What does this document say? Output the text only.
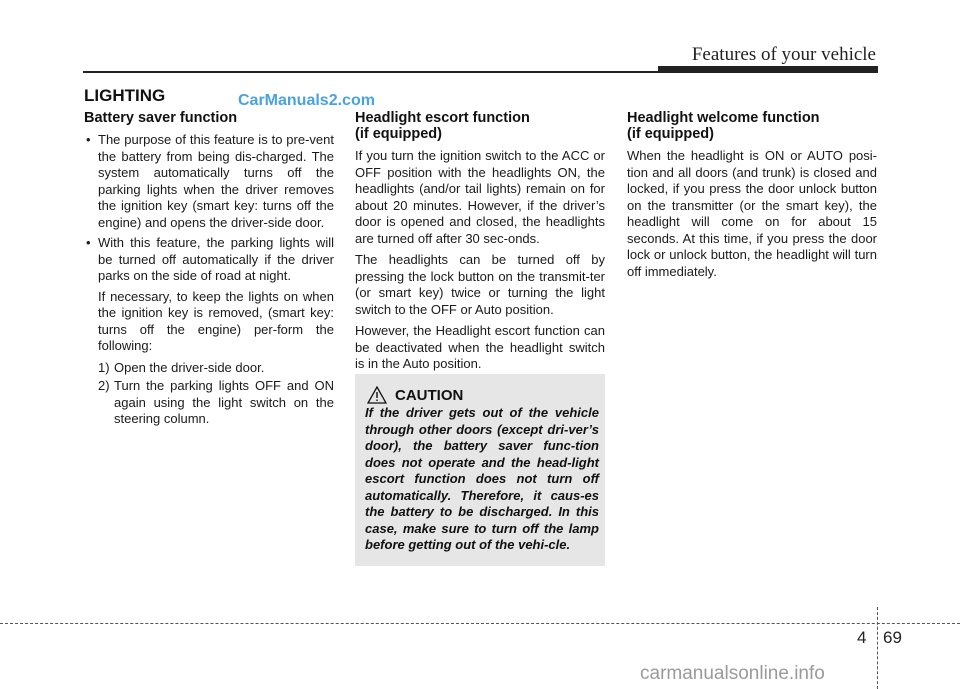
Features of your vehicle
LIGHTING	CarManuals2.com
Battery saver function
• The purpose of this feature is to pre-vent the battery from being dis-charged. The system automatically turns off the parking lights when the driver removes the ignition key (smart key: turns off the engine) and opens the driver-side door.
• With this feature, the parking lights will be turned off automatically if the driver parks on the side of road at night.
If necessary, to keep the lights on when the ignition key is removed, (smart key: turns off the engine) per-form the following:
1) Open the driver-side door.
2) Turn the parking lights OFF and ON again using the light switch on the steering column.
Headlight escort function
(if equipped)

If you turn the ignition switch to the ACC or OFF position with the headlights ON, the headlights (and/or tail lights) remain on for about 20 minutes. However, if the driver’s door is opened and closed, the headlights are turned off after 30 sec-onds.

The headlights can be turned off by pressing the lock button on the transmit-ter (or smart key) twice or turning the light switch to the OFF or Auto position.

However, the Headlight escort function can be deactivated when the headlight switch is in the Auto position.

CAUTION
If the driver gets out of the vehicle through other doors (except dri-ver’s door), the battery saver func-tion does not operate and the head-light escort function does not turn off automatically. Therefore, it caus-es the battery to be discharged. In this case, make sure to turn off the lamp before getting out of the vehi-cle.
Headlight welcome function
(if equipped)

When the headlight is ON or AUTO posi-tion and all doors (and trunk) is closed and locked, if you press the door unlock button on the transmitter (or the smart key), the headlight will come on for about 15 seconds. At this time, if you press the door lock or unlock button, the headlight will turn off immediately.

4 69
carmanualsonline.info
